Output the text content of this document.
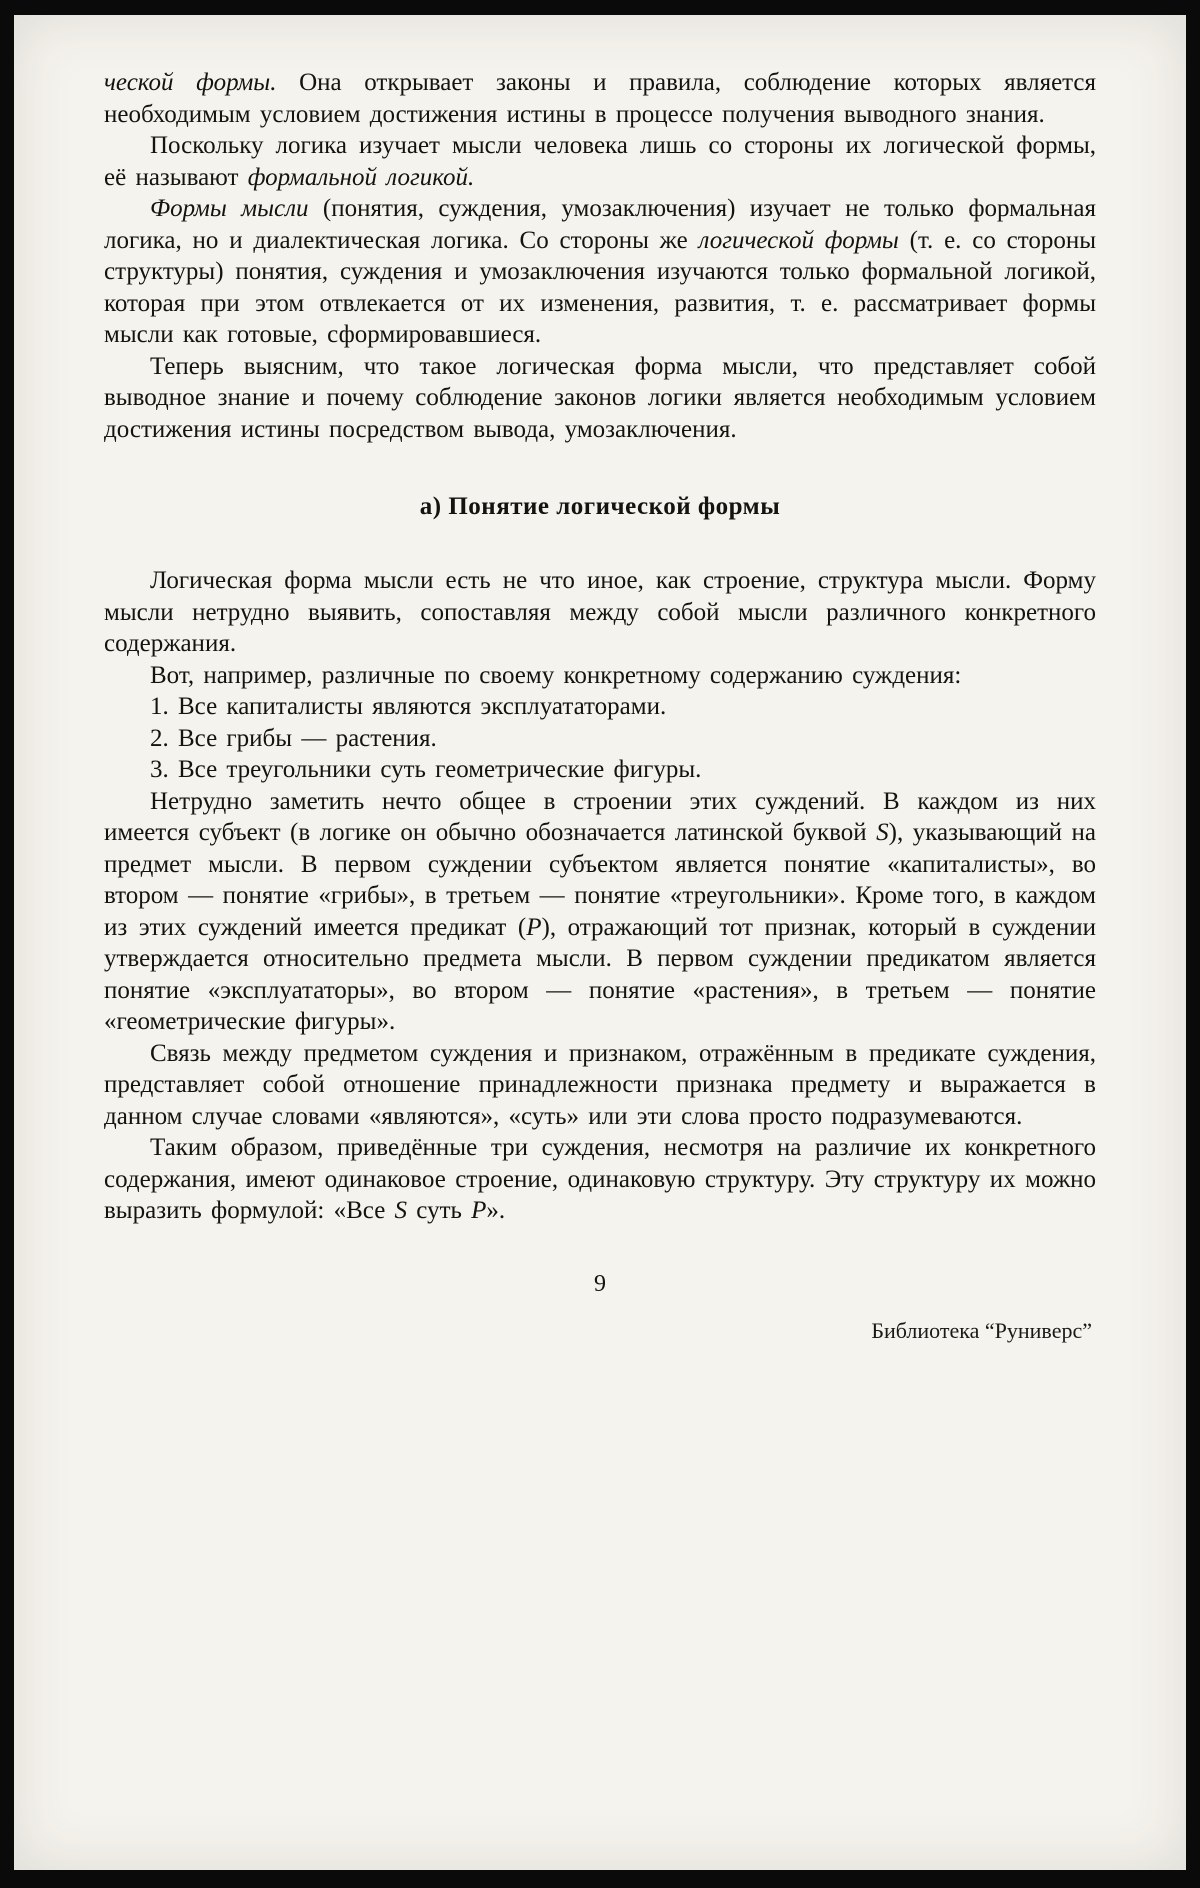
ческой формы. Она открывает законы и правила, соблюдение которых является необходимым условием достижения истины в процессе получения выводного знания.

Поскольку логика изучает мысли человека лишь со стороны их логической формы, её называют формальной логикой.

Формы мысли (понятия, суждения, умозаключения) изучает не только формальная логика, но и диалектическая логика. Со стороны же логической формы (т. е. со стороны структуры) понятия, суждения и умозаключения изучаются только формальной логикой, которая при этом отвлекается от их изменения, развития, т. е. рассматривает формы мысли как готовые, сформировавшиеся.

Теперь выясним, что такое логическая форма мысли, что представляет собой выводное знание и почему соблюдение законов логики является необходимым условием достижения истины посредством вывода, умозаключения.

а) Понятие логической формы

Логическая форма мысли есть не что иное, как строение, структура мысли. Форму мысли нетрудно выявить, сопоставляя между собой мысли различного конкретного содержания.

Вот, например, различные по своему конкретному содержанию суждения:

1. Все капиталисты являются эксплуататорами.

2. Все грибы — растения.

3. Все треугольники суть геометрические фигуры.

Нетрудно заметить нечто общее в строении этих суждений. В каждом из них имеется субъект (в логике он обычно обозначается латинской буквой S), указывающий на предмет мысли. В первом суждении субъектом является понятие «капиталисты», во втором — понятие «грибы», в третьем — понятие «треугольники». Кроме того, в каждом из этих суждений имеется предикат (Р), отражающий тот признак, который в суждении утверждается относительно предмета мысли. В первом суждении предикатом является понятие «эксплуататоры», во втором — понятие «растения», в третьем — понятие «геометрические фигуры».

Связь между предметом суждения и признаком, отражённым в предикате суждения, представляет собой отношение принадлежности признака предмету и выражается в данном случае словами «являются», «суть» или эти слова просто подразумеваются.

Таким образом, приведённые три суждения, несмотря на различие их конкретного содержания, имеют одинаковое строение, одинаковую структуру. Эту структуру их можно выразить формулой: «Все S суть Р».

9
Библиотека “Руниверс”
